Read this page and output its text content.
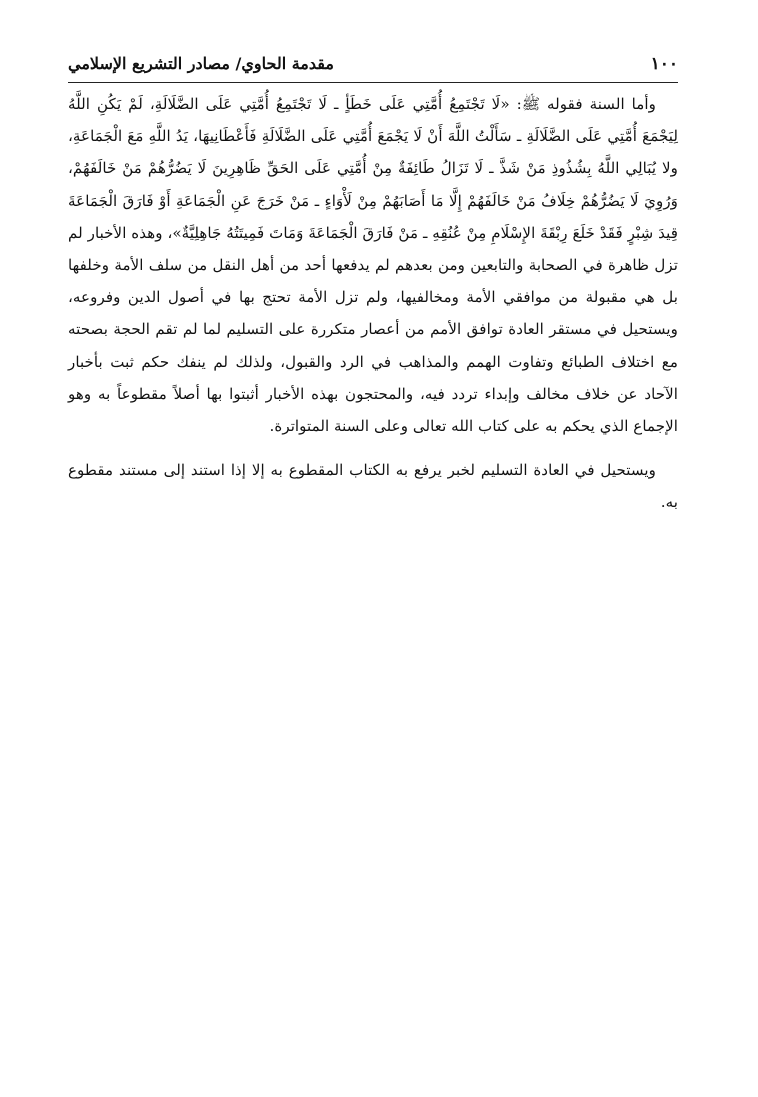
١٠٠
مقدمة الحاوي/ مصادر التشريع الإسلامي

وأما السنة فقوله ﷺ: «لَا تَجْتَمِعُ أُمَّتِي عَلَى خَطَأٍ ـ لَا تَجْتَمِعُ أُمَّتِي عَلَى الضَّلَالَةِ، لَمْ يَكُنِ اللَّهُ لِيَجْمَعَ أُمَّتِي عَلَى الضَّلَالَةِ ـ سَأَلْتُ اللَّهَ أَنْ لَا يَجْمَعَ أُمَّتِي عَلَى الضَّلَالَةِ فَأَعْطَانِيهَا، يَدُ اللَّهِ مَعَ الْجَمَاعَةِ، ولا يُبَالِي اللَّهُ بِشُذُوذِ مَنْ شَذَّ ـ لَا تَزَالُ طَائِفَةٌ مِنْ أُمَّتِي عَلَى الحَقِّ ظَاهِرِينَ لَا يَضُرُّهُمْ مَنْ خَالَفَهُمْ، وَرُوِيَ لَا يَضُرُّهُمْ خِلَافُ مَنْ خَالَفَهُمْ إِلَّا مَا أَصَابَهُمْ مِنْ لَأْوَاءٍ ـ مَنْ خَرَجَ عَنِ الْجَمَاعَةِ أَوْ فَارَقَ الْجَمَاعَةَ قِيدَ شِبْرٍ فَقَدْ خَلَعَ رِبْقَةَ الإِسْلَامِ مِنْ عُنُقِهِ ـ مَنْ فَارَقَ الْجَمَاعَةَ وَمَاتَ فَمِيتَتُهُ جَاهِلِيَّةٌ»، وهذه الأخبار لم تزل ظاهرة في الصحابة والتابعين ومن بعدهم لم يدفعها أحد من أهل النقل من سلف الأمة وخلفها بل هي مقبولة من موافقي الأمة ومخالفيها، ولم تزل الأمة تحتج بها في أصول الدين وفروعه، ويستحيل في مستقر العادة توافق الأمم من أعصار متكررة على التسليم لما لم تقم الحجة بصحته مع اختلاف الطبائع وتفاوت الهمم والمذاهب في الرد والقبول، ولذلك لم ينفك حكم ثبت بأخبار الآحاد عن خلاف مخالف وإبداء تردد فيه، والمحتجون بهذه الأخبار أثبتوا بها أصلاً مقطوعاً به وهو الإجماع الذي يحكم به على كتاب الله تعالى وعلى السنة المتواترة.

ويستحيل في العادة التسليم لخبر يرفع به الكتاب المقطوع به إلا إذا استند إلى مستند مقطوع به.
